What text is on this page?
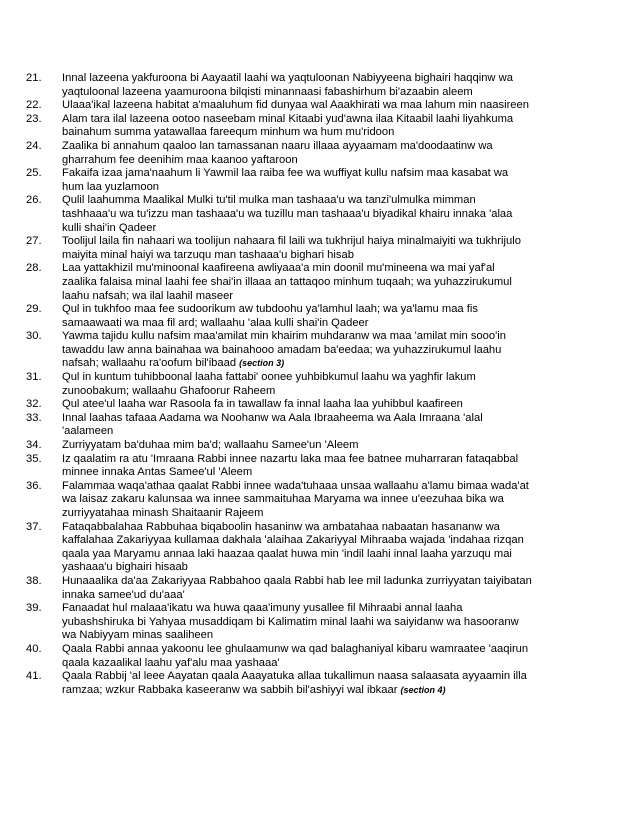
21.	Innal lazeena yakfuroona bi Aayaatil laahi wa yaqtuloonan Nabiyyeena bighairi haqqinw wa
yaqtuloonal lazeena yaamuroona bilqisti minannaasi fabashirhum bi'azaabin aleem
22.	Ulaaa'ikal lazeena habitat a'maaluhum fid dunyaa wal Aaakhirati wa maa lahum min naasireen
23.	Alam tara ilal lazeena ootoo naseebam minal Kitaabi yud'awna ilaa Kitaabil laahi liyahkuma
bainahum summa yatawallaa fareequm minhum wa hum mu'ridoon
24.	Zaalika bi annahum qaaloo lan tamassanan naaru illaaa ayyaamam ma'doodaatinw wa
gharrahum fee deenihim maa kaanoo yaftaroon
25.	Fakaifa izaa jama'naahum li Yawmil laa raiba fee wa wuffiyat kullu nafsim maa kasabat wa
hum laa yuzlamoon
26.	Qulil laahumma Maalikal Mulki tu'til mulka man tashaaa'u wa tanzi'ulmulka mimman
tashhaaa'u wa tu'izzu man tashaaa'u wa tuzillu man tashaaa'u biyadikal khairu innaka 'alaa
kulli shai'in Qadeer
27.	Toolijul laila fin nahaari wa toolijun nahaara fil laili wa tukhrijul haiya minalmaiyiti wa tukhrijulo
maiyita minal haiyi wa tarzuqu man tashaaa'u bighari hisab
28.	Laa yattakhizil mu'minoonal kaafireena awliyaaa'a min doonil mu'mineena wa mai yaf'al
zaalika falaisa minal laahi fee shai'in illaaa an tattaqoo minhum tuqaah; wa yuhazzirukumul
laahu nafsah; wa ilal laahil maseer
29.	Qul in tukhfoo maa fee sudoorikum aw tubdoohu ya'lamhul laah; wa ya'lamu maa fis
samaawaati wa maa fil ard; wallaahu 'alaa kulli shai'in Qadeer
30.	Yawma tajidu kullu nafsim maa'amilat min khairim muhdaranw wa maa 'amilat min sooo'in
tawaddu law anna bainahaa wa bainahooo amadam ba'eedaa; wa yuhazzirukumul laahu
nafsah; wallaahu ra'oofum bil'ibaad (section 3)
31.	Qul in kuntum tuhibboonal laaha fattabi' oonee yuhbibkumul laahu wa yaghfir lakum
zunoobakum; wallaahu Ghafoorur Raheem
32.	Qul atee'ul laaha war Rasoola fa in tawallaw fa innal laaha laa yuhibbul kaafireen
33.	Innal laahas tafaaa Aadama wa Noohanw wa Aala Ibraaheema wa Aala Imraana 'alal
'aalameen
34.	Zurriyyatam ba'duhaa mim ba'd; wallaahu Samee'un 'Aleem
35.	Iz qaalatim ra atu 'Imraana Rabbi innee nazartu laka maa fee batnee muharraran fataqabbal
minnee innaka Antas Samee'ul 'Aleem
36.	Falammaa waqa'athaa qaalat Rabbi innee wada'tuhaaa unsaa wallaahu a'lamu bimaa wada'at
wa laisaz zakaru kalunsaa wa innee sammaituhaa Maryama wa innee u'eezuhaa bika wa
zurriyyatahaa minash Shaitaanir Rajeem
37.	Fataqabbalahaa Rabbuhaa biqaboolin hasaninw wa ambatahaa nabaatan hasananw wa
kaffalahaa Zakariyyaa kullamaa dakhala 'alaihaa Zakariyyal Mihraaba wajada 'indahaa rizqan
qaala yaa Maryamu annaa laki haazaa qaalat huwa min 'indil laahi innal laaha yarzuqu mai
yashaaa'u bighairi hisaab
38.	Hunaaalika da'aa Zakariyyaa Rabbahoo qaala Rabbi hab lee mil ladunka zurriyyatan taiyibatan
innaka samee'ud du'aaa'
39.	Fanaadat hul malaaa'ikatu wa huwa qaaa'imuny yusallee fil Mihraabi annal laaha
yubashshiruka bi Yahyaa musaddiqam bi Kalimatim minal laahi wa saiyidanw wa hasooranw
wa Nabiyyam minas saaliheen
40.	Qaala Rabbi annaa yakoonu lee ghulaamunw wa qad balaghaniyal kibaru wamraatee 'aaqirun
qaala kazaalikal laahu yaf'alu maa yashaaa'
41.	Qaala Rabbij 'al leee Aayatan qaala Aaayatuka allaa tukallimun naasa salaasata ayyaamin illa
ramzaa; wzkur Rabbaka kaseeranw wa sabbih bil'ashiyyi wal ibkaar (section 4)
